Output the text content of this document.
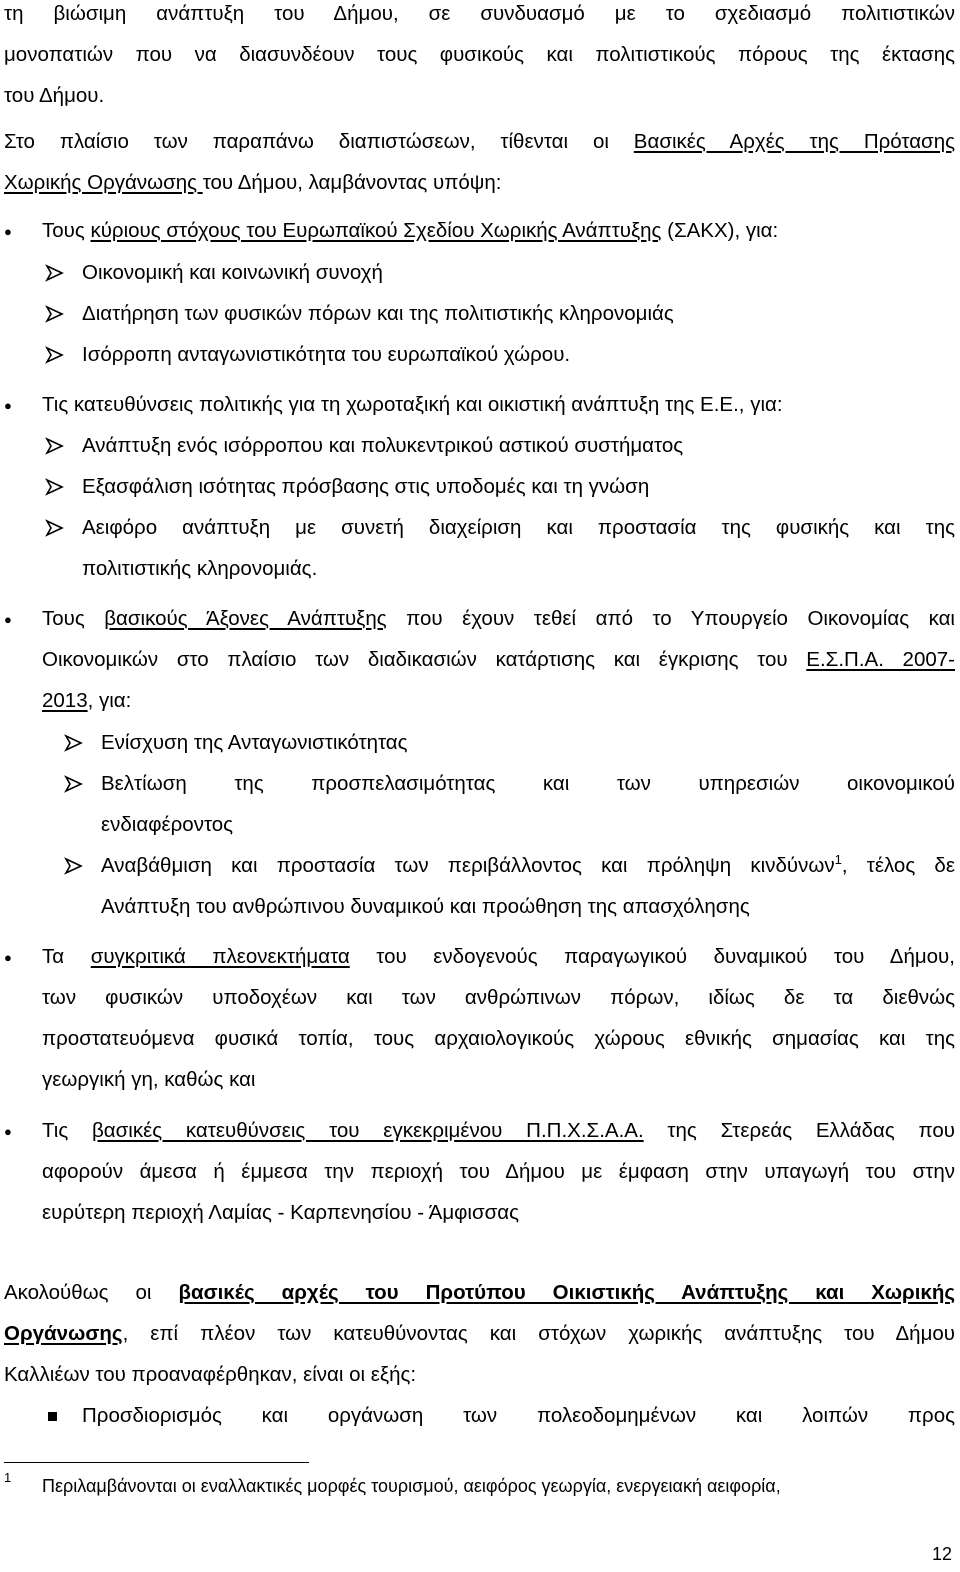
τη βιώσιμη ανάπτυξη του Δήμου, σε συνδυασμό με το σχεδιασμό πολιτιστικών
μονοπατιών που να διασυνδέουν τους φυσικούς και πολιτιστικούς πόρους της έκτασης
του Δήμου.
Στο πλαίσιο των παραπάνω διαπιστώσεων, τίθενται οι Βασικές Αρχές της Πρότασης
Χωρικής Οργάνωσης του Δήμου, λαμβάνοντας υπόψη:
● Τους κύριους στόχους του Ευρωπαϊκού Σχεδίου Χωρικής Ανάπτυξης (ΣΑΚΧ), για:
Οικονομική και κοινωνική συνοχή
Διατήρηση των φυσικών πόρων και της πολιτιστικής κληρονομιάς
Ισόρροπη ανταγωνιστικότητα του ευρωπαϊκού χώρου.
● Τις κατευθύνσεις πολιτικής για τη χωροταξική και οικιστική ανάπτυξη της Ε.Ε., για:
Ανάπτυξη ενός ισόρροπου και πολυκεντρικού αστικού συστήματος
Εξασφάλιση ισότητας πρόσβασης στις υποδομές και τη γνώση
Αειφόρο ανάπτυξη με συνετή διαχείριση και προστασία της φυσικής και της
πολιτιστικής κληρονομιάς.
● Τους βασικούς Άξονες Ανάπτυξης που έχουν τεθεί από το Υπουργείο Οικονομίας και
Οικονομικών στο πλαίσιο των διαδικασιών κατάρτισης και έγκρισης του Ε.Σ.Π.Α. 2007-
2013, για:
Ενίσχυση της Ανταγωνιστικότητας
Βελτίωση της προσπελασιμότητας και των υπηρεσιών οικονομικού
ενδιαφέροντος
Αναβάθμιση και προστασία των περιβάλλοντος και πρόληψη κινδύνων$^1$, τέλος δε
Ανάπτυξη του ανθρώπινου δυναμικού και προώθηση της απασχόλησης
● Τα συγκριτικά πλεονεκτήματα του ενδογενούς παραγωγικού δυναμικού του Δήμου,
των φυσικών υποδοχέων και των ανθρώπινων πόρων, ιδίως δε τα διεθνώς
προστατευόμενα φυσικά τοπία, τους αρχαιολογικούς χώρους εθνικής σημασίας και της
γεωργική γη, καθώς και
● Τις βασικές κατευθύνσεις του εγκεκριμένου Π.Π.Χ.Σ.Α.Α. της Στερεάς Ελλάδας που
αφορούν άμεσα ή έμμεσα την περιοχή του Δήμου με έμφαση στην υπαγωγή του στην
ευρύτερη περιοχή Λαμίας - Καρπενησίου - Άμφισσας
Ακολούθως οι βασικές αρχές του Προτύπου Οικιστικής Ανάπτυξης και Χωρικής
Οργάνωσης, επί πλέον των κατευθύνοντας και στόχων χωρικής ανάπτυξης του Δήμου
Καλλιέων του προαναφέρθηκαν, είναι οι εξής:
Προσδιορισμός και οργάνωση των πολεοδομημένων και λοιπών προς
1 Περιλαμβάνονται οι εναλλακτικές μορφές τουρισμού, αειφόρος γεωργία, ενεργειακή αειφορία,
12
